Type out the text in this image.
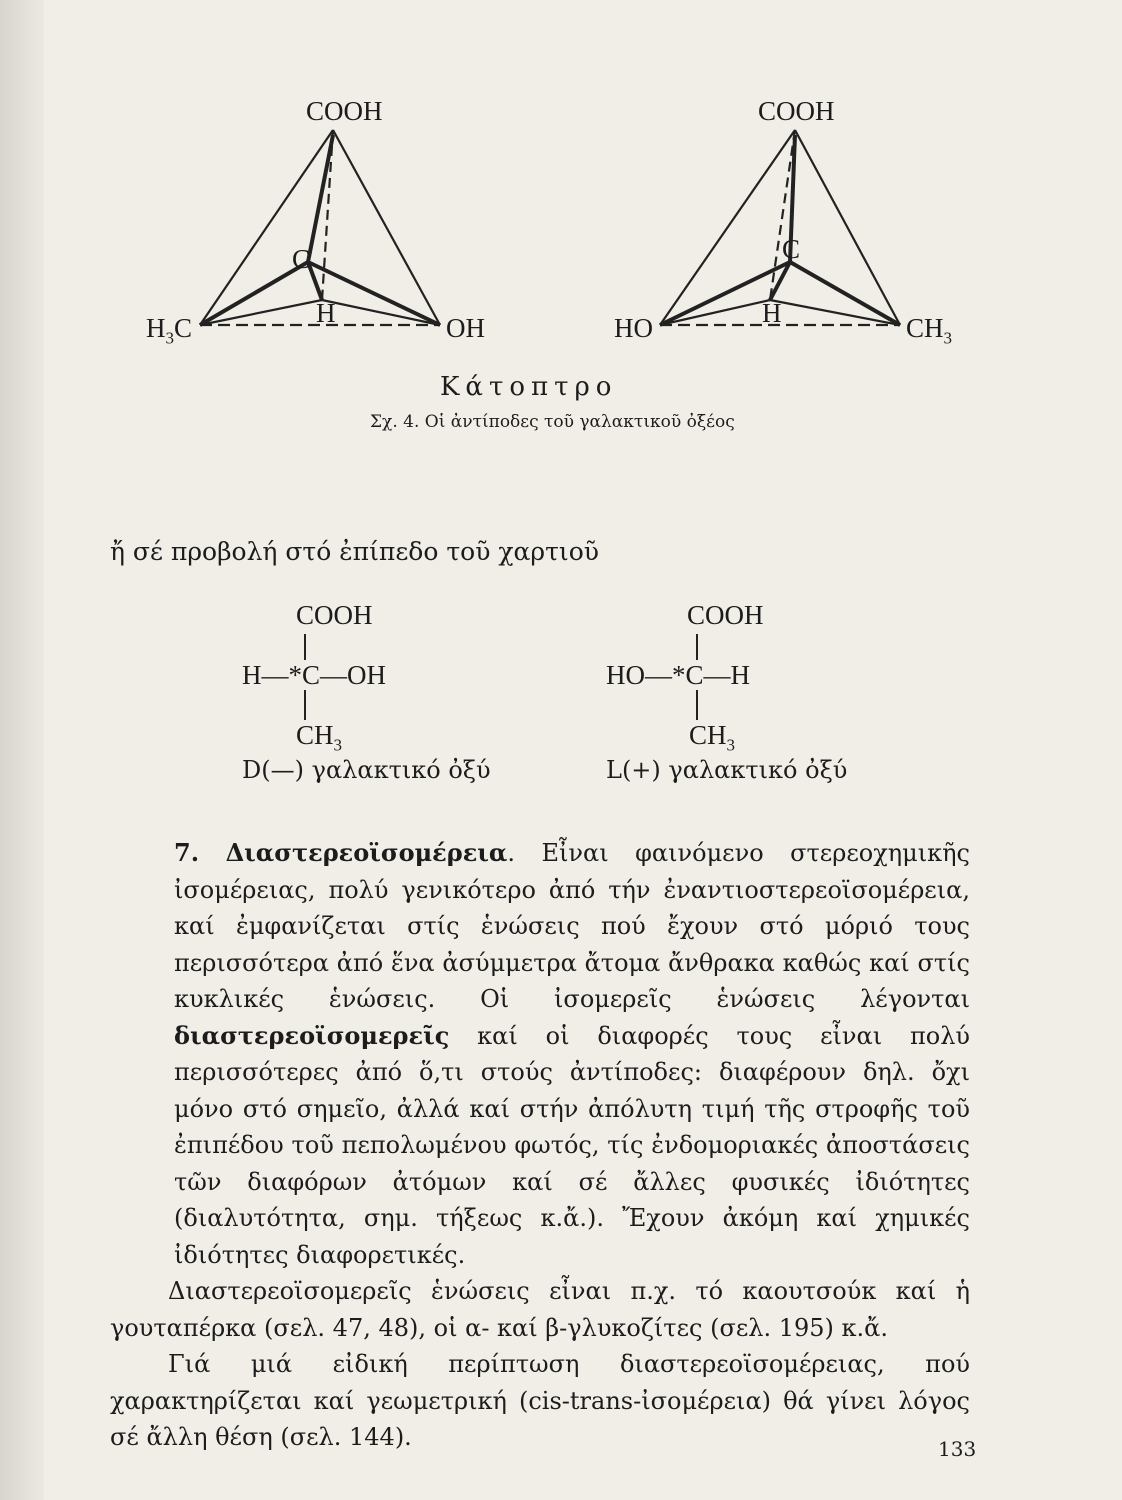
COOH
C
H
$H_3C$	OH
COOH
C
H
HO	$CH_3$
Κάτοπτρο
Σχ. 4. Οἱ ἀντίποδες τοῦ γαλακτικοῦ ὀξέος
ἤ σέ προβολή στό ἐπίπεδο τοῦ χαρτιοῦ
COOH
H—*C—OH
$CH_3$
D(—) γαλακτικό ὀξύ
COOH
HO—*C—H
$CH_3$
L(+) γαλακτικό ὀξύ

7. Διαστερεοϊσομέρεια. Εἶναι φαινόμενο στερεοχημικῆς ἰσομέρειας, πολύ γενικότερο ἀπό τήν ἐναντιοστερεοϊσομέρεια, καί ἐμφανίζεται στίς ἑνώσεις πού ἔχουν στό μόριό τους περισσότερα ἀπό ἕνα ἀσύμμετρα ἄτομα ἄνθρακα καθώς καί στίς κυκλικές ἑνώσεις. Οἱ ἰσομερεῖς ἑνώσεις λέγονται διαστερεοϊσομερεῖς καί οἱ διαφορές τους εἶναι πολύ περισσότερες ἀπό ὅ,τι στούς ἀντίποδες: διαφέρουν δηλ. ὄχι μόνο στό σημεῖο, ἀλλά καί στήν ἀπόλυτη τιμή τῆς στροφῆς τοῦ ἐπιπέδου τοῦ πεπολωμένου φωτός, τίς ἐνδομοριακές ἀποστάσεις τῶν διαφόρων ἀτόμων καί σέ ἄλλες φυσικές ἰδιότητες (διαλυτότητα, σημ. τήξεως κ.ἄ.). Ἔχουν ἀκόμη καί χημικές ἰδιότητες διαφορετικές.

Διαστερεοϊσομερεῖς ἑνώσεις εἶναι π.χ. τό καουτσούκ καί ἡ γουταπέρκα (σελ. 47, 48), οἱ α- καί β-γλυκοζίτες (σελ. 195) κ.ἄ.

Γιά μιά εἰδική περίπτωση διαστερεοϊσομέρειας, πού χαρακτηρίζεται καί γεωμετρική (cis-trans-ἰσομέρεια) θά γίνει λόγος σέ ἄλλη θέση (σελ. 144).	133
